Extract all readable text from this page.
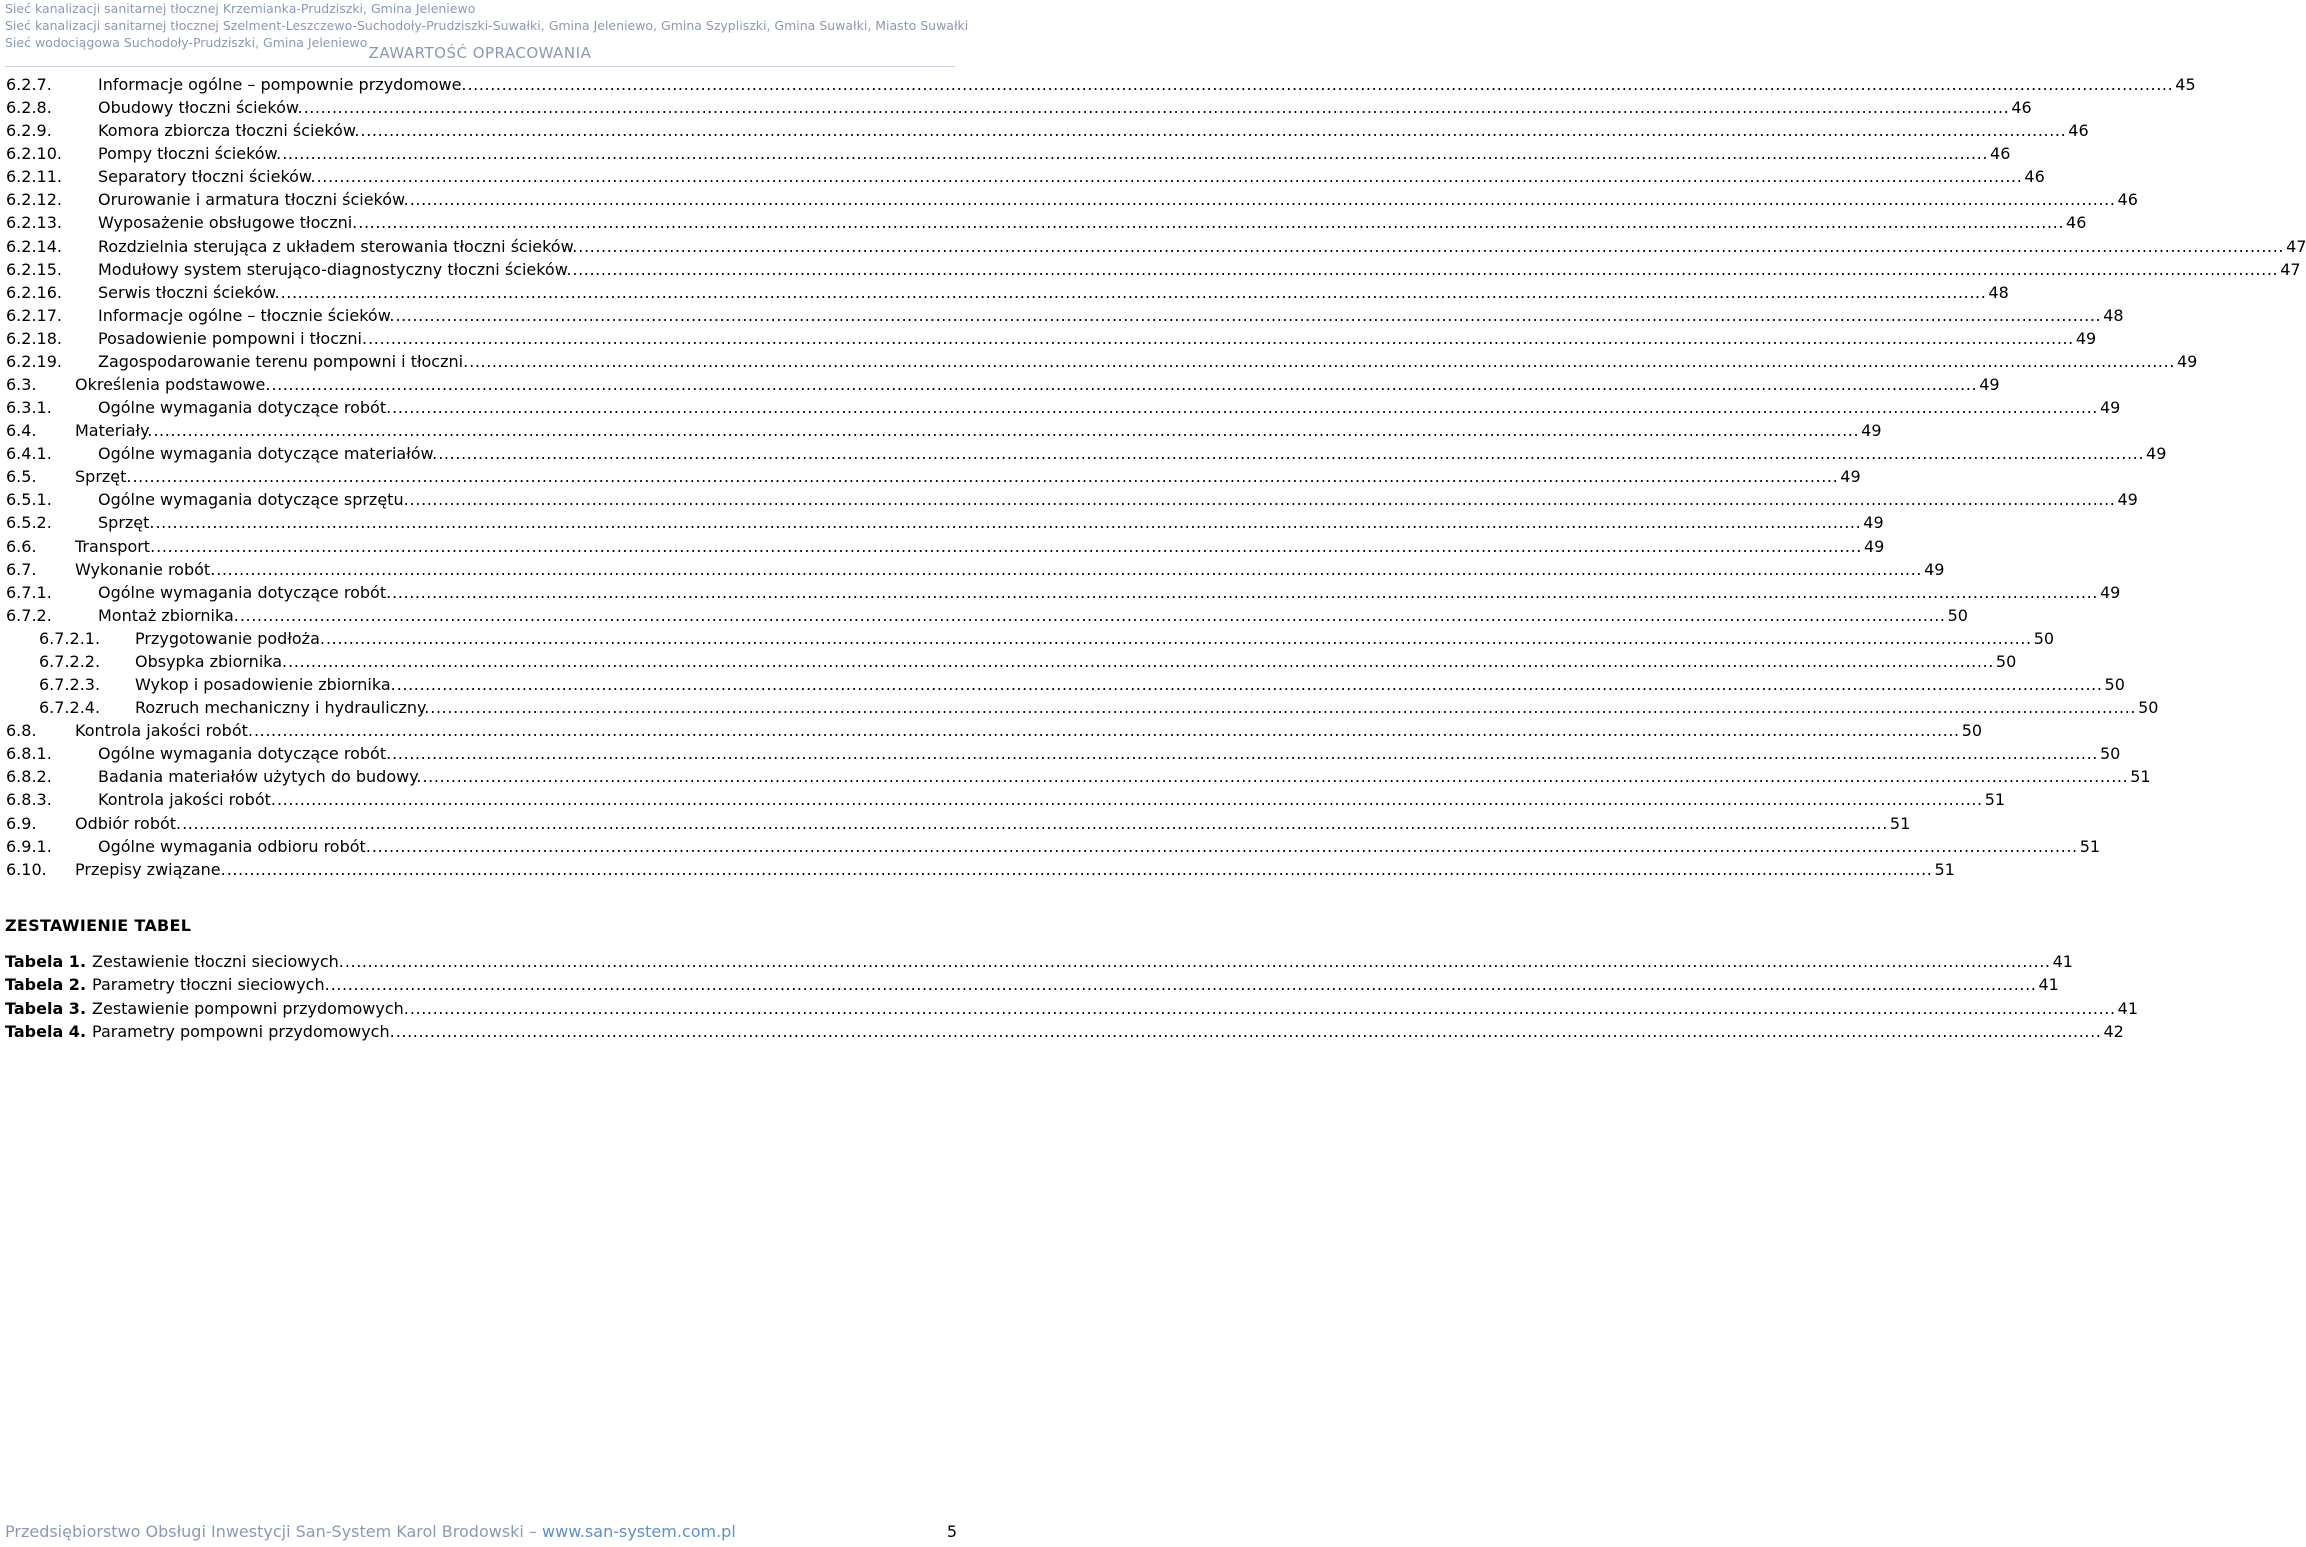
Sieć kanalizacji sanitarnej tłocznej Krzemianka-Prudziszki, Gmina Jeleniewo
Sieć kanalizacji sanitarnej tłocznej Szelment-Leszczewo-Suchodoły-Prudziszki-Suwałki, Gmina Jeleniewo, Gmina Szypliszki, Gmina Suwałki, Miasto Suwałki
Sieć wodociągowa Suchodoły-Prudziszki, Gmina Jeleniewo
ZAWARTOŚĆ OPRACOWANIA
6.2.7.	Informacje ogólne – pompownie przydomowe. ............................................................................................................................................................................................................................................................................................................ 45
6.2.8.	Obudowy tłoczni ścieków. ............................................................................................................................................................................................................................................................................................................ 46
6.2.9.	Komora zbiorcza tłoczni ścieków. ............................................................................................................................................................................................................................................................................................................ 46
6.2.10. Pompy tłoczni ścieków. ............................................................................................................................................................................................................................................................................................................ 46
6.2.11. Separatory tłoczni ścieków. ............................................................................................................................................................................................................................................................................................................ 46
6.2.12. Orurowanie i armatura tłoczni ścieków. ............................................................................................................................................................................................................................................................................................................ 46
6.2.13. Wyposażenie obsługowe tłoczni. ............................................................................................................................................................................................................................................................................................................ 46
6.2.14. Rozdzielnia sterująca z układem sterowania tłoczni ścieków. ............................................................................................................................................................................................................................................................................................................ 47
6.2.15. Modułowy system sterująco-diagnostyczny tłoczni ścieków. ............................................................................................................................................................................................................................................................................................................ 47
6.2.16. Serwis tłoczni ścieków. ............................................................................................................................................................................................................................................................................................................ 48
6.2.17. Informacje ogólne – tłocznie ścieków. ............................................................................................................................................................................................................................................................................................................ 48
6.2.18. Posadowienie pompowni i tłoczni. ............................................................................................................................................................................................................................................................................................................ 49
6.2.19. Zagospodarowanie terenu pompowni i tłoczni. ............................................................................................................................................................................................................................................................................................................ 49
6.3. Określenia podstawowe. ............................................................................................................................................................................................................................................................................................................ 49
6.3.1.	Ogólne wymagania dotyczące robót. ............................................................................................................................................................................................................................................................................................................ 49
6.4. Materiały. ............................................................................................................................................................................................................................................................................................................ 49
6.4.1.	Ogólne wymagania dotyczące materiałów. ............................................................................................................................................................................................................................................................................................................ 49
6.5. Sprzęt. ............................................................................................................................................................................................................................................................................................................ 49
6.5.1.	Ogólne wymagania dotyczące sprzętu. ............................................................................................................................................................................................................................................................................................................ 49
6.5.2.	Sprzęt. ............................................................................................................................................................................................................................................................................................................ 49
6.6. Transport. ............................................................................................................................................................................................................................................................................................................ 49
6.7. Wykonanie robót. ............................................................................................................................................................................................................................................................................................................ 49
6.7.1.	Ogólne wymagania dotyczące robót. ............................................................................................................................................................................................................................................................................................................ 49
6.7.2.	Montaż zbiornika. ............................................................................................................................................................................................................................................................................................................ 50
6.7.2.1. Przygotowanie podłoża. ............................................................................................................................................................................................................................................................................................................ 50
6.7.2.2. Obsypka zbiornika. ............................................................................................................................................................................................................................................................................................................ 50
6.7.2.3. Wykop i posadowienie zbiornika. ............................................................................................................................................................................................................................................................................................................ 50
6.7.2.4. Rozruch mechaniczny i hydrauliczny. ............................................................................................................................................................................................................................................................................................................ 50
6.8. Kontrola jakości robót. ............................................................................................................................................................................................................................................................................................................ 50
6.8.1.	Ogólne wymagania dotyczące robót. ............................................................................................................................................................................................................................................................................................................ 50
6.8.2.	Badania materiałów użytych do budowy. ............................................................................................................................................................................................................................................................................................................ 51
6.8.3.	Kontrola jakości robót. ............................................................................................................................................................................................................................................................................................................ 51
6.9. Odbiór robót. ............................................................................................................................................................................................................................................................................................................ 51
6.9.1.	Ogólne wymagania odbioru robót. ............................................................................................................................................................................................................................................................................................................ 51
6.10. Przepisy związane. ............................................................................................................................................................................................................................................................................................................ 51
ZESTAWIENIE TABEL
Tabela 1. Zestawienie tłoczni sieciowych. ............................................................................................................................................................................................................................................................................................................ 41
Tabela 2. Parametry tłoczni sieciowych. ............................................................................................................................................................................................................................................................................................................ 41
Tabela 3. Zestawienie pompowni przydomowych. ............................................................................................................................................................................................................................................................................................................ 41
Tabela 4. Parametry pompowni przydomowych. ............................................................................................................................................................................................................................................................................................................ 42
Przedsiębiorstwo Obsługi Inwestycji San-System Karol Brodowski – www.san-system.com.pl	5
